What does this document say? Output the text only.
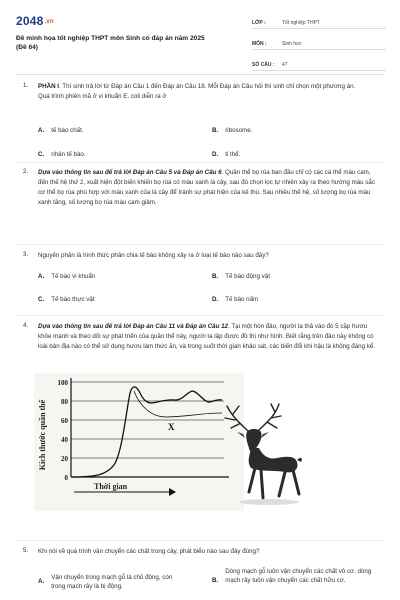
2048.vn
Đề minh họa tốt nghiệp THPT môn Sinh có đáp án năm 2025 (Đề 64)
LỚP :	Tốt nghiệp THPT
MÔN :	Sinh học
SỐ CÂU :	47
1. PHẦN I. Thí sinh trả lời từ Đáp án Câu 1 đến Đáp án Câu 18. Mỗi Đáp án Câu hỏi thí sinh chỉ chọn một phương án.
Quá trình phiên mã ở vi khuẩn E. coli diễn ra ở
A. tế bào chất.	B. ribosome.
C. nhân tế bào.	D. ti thể.
2. Dựa vào thông tin sau để trả lời Đáp án Câu 5 và Đáp án Câu 6. Quần thể bọ rùa ban đầu chỉ có các cá thể màu cam, đến thế hệ thứ 2, xuất hiện đột biến khiến bọ rùa có màu xanh lá cây, sau đó chọn lọc tự nhiên xảy ra theo hướng màu sắc cơ thể bọ rùa phù hợp với màu xanh của lá cây để tránh sự phát hiện của kẻ thù. Sau nhiều thế hệ, số lượng bọ rùa màu xanh tăng, số lượng bọ rùa màu cam giảm.
3. Nguyên phân là hình thức phân chia tế bào không xảy ra ở loại tế bào nào sau đây?
A. Tế bào vi khuẩn	B. Tế bào động vật
C. Tế bào thực vật	D. Tế bào nấm
4. Dựa vào thông tin sau để trả lời Đáp án Câu 11 và Đáp án Câu 12. Tại một hòn đảo, người ta thả vào đó 5 cặp hươu khỏe mạnh và theo dõi sự phát triển của quần thể này, người ta lập được đồ thị như hình. Biết rằng trên đảo này không có loài bản địa nào có thể sử dụng hươu làm thức ăn, và trong suốt thời gian khảo sát, các biến đổi khí hậu là không đáng kể.
Kích thước quần thể
100
80
60
40
20
0
X
Thời gian
5. Khi nói về quá trình vận chuyển các chất trong cây, phát biểu nào sau đây đúng?
A.
Vận chuyển trong mạch gỗ là chủ động, còn trong mạch rây là bị động.
B.
Dòng mạch gỗ luôn vận chuyển các chất vô cơ, dòng mạch rây luôn vận chuyển các chất hữu cơ.
